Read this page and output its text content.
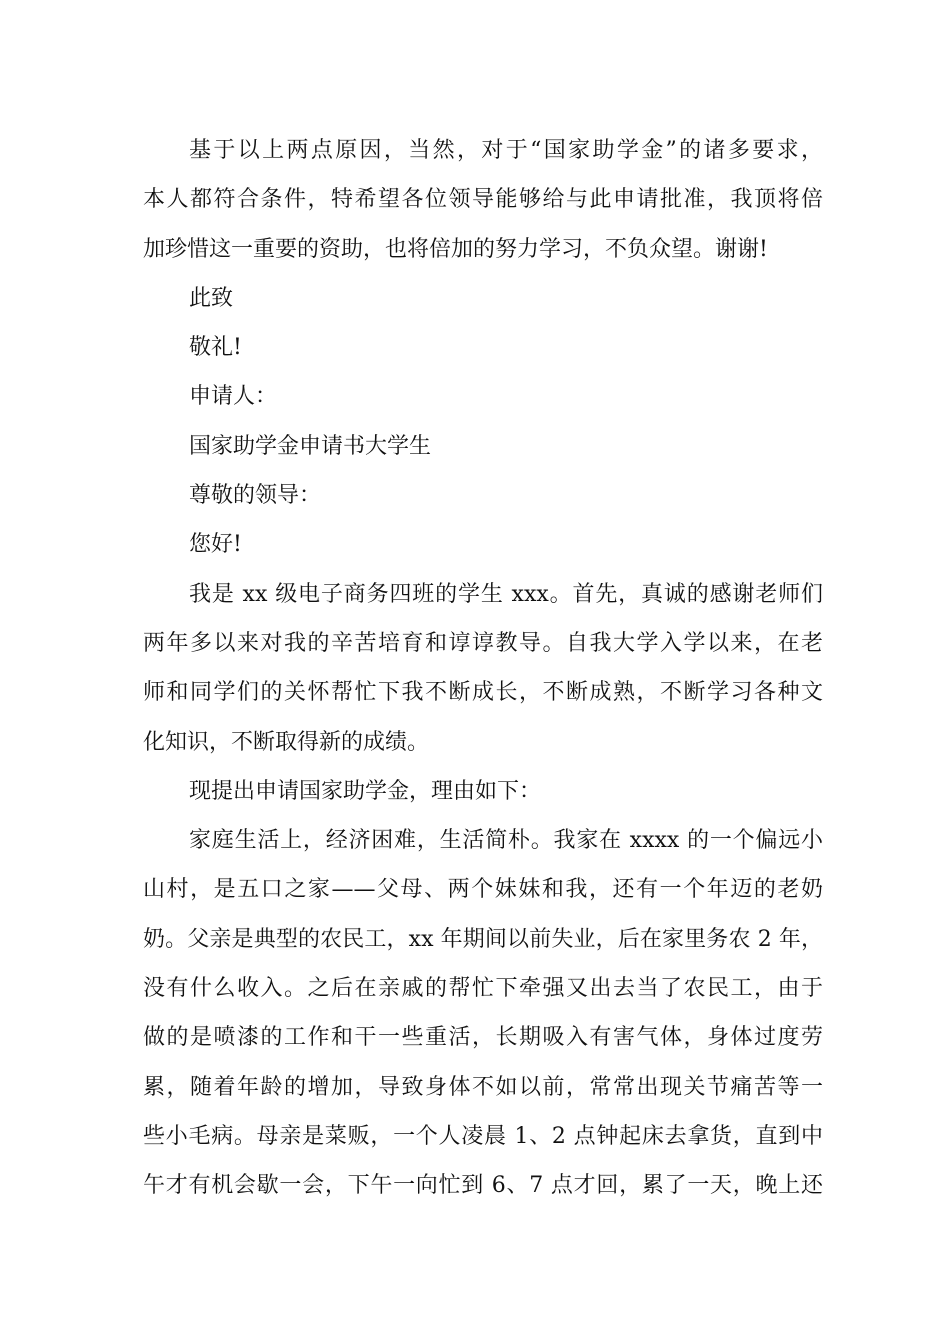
基于以上两点原因，当然，对于“国家助学金”的诸多要求，
本人都符合条件，特希望各位领导能够给与此申请批准，我顶将倍
加珍惜这一重要的资助，也将倍加的努力学习，不负众望。谢谢!

此致

敬礼!

申请人：

国家助学金申请书大学生

尊敬的领导：

您好!

我是 xx 级电子商务四班的学生 xxx。首先，真诚的感谢老师们
两年多以来对我的辛苦培育和谆谆教导。自我大学入学以来，在老
师和同学们的关怀帮忙下我不断成长，不断成熟，不断学习各种文
化知识，不断取得新的成绩。

现提出申请国家助学金，理由如下：

家庭生活上，经济困难，生活简朴。我家在 xxxx 的一个偏远小
山村，是五口之家——父母、两个妹妹和我，还有一个年迈的老奶
奶。父亲是典型的农民工，xx 年期间以前失业，后在家里务农 2 年，
没有什么收入。之后在亲戚的帮忙下牵强又出去当了农民工，由于
做的是喷漆的工作和干一些重活，长期吸入有害气体，身体过度劳
累，随着年龄的增加，导致身体不如以前，常常出现关节痛苦等一
些小毛病。母亲是菜贩，一个人凌晨 1、2 点钟起床去拿货，直到中
午才有机会歇一会，下午一向忙到 6、7 点才回，累了一天，晚上还
